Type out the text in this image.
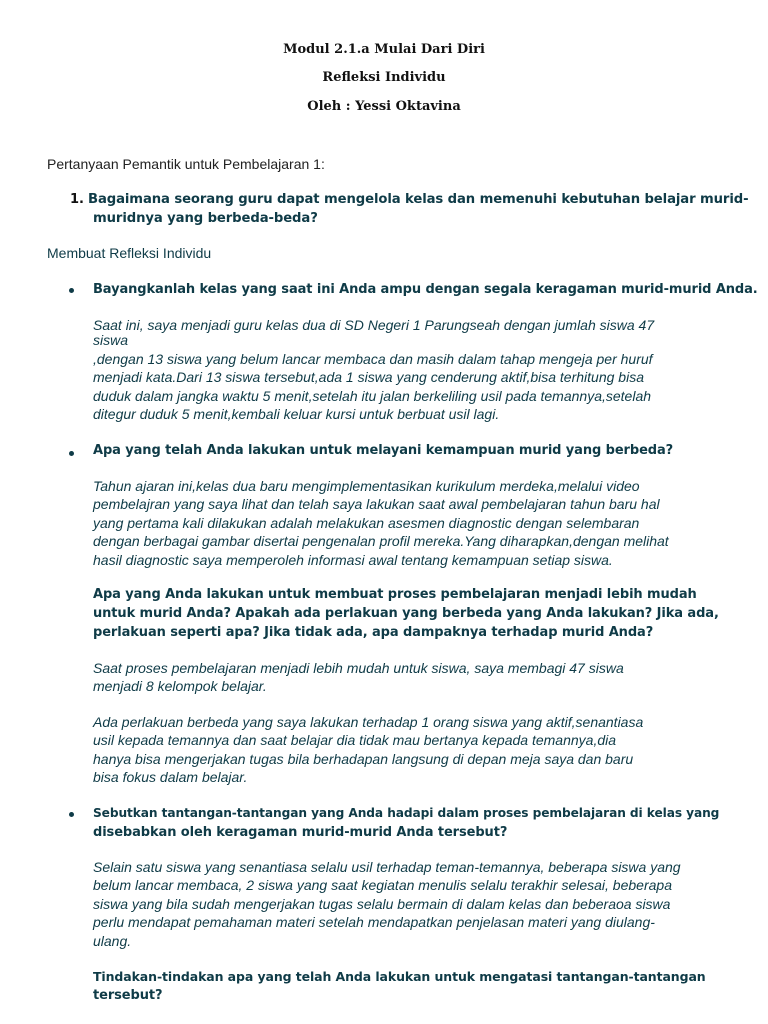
Modul 2.1.a Mulai Dari Diri
Refleksi Individu
Oleh : Yessi Oktavina
Pertanyaan Pemantik untuk Pembelajaran 1:
1. Bagaimana seorang guru dapat mengelola kelas dan memenuhi kebutuhan belajar murid-
muridnya yang berbeda-beda?
Membuat Refleksi Individu
Bayangkanlah kelas yang saat ini Anda ampu dengan segala keragaman murid-murid Anda.
Saat ini, saya menjadi guru kelas dua di SD Negeri 1 Parungseah dengan jumlah siswa 47
siswa
,dengan 13 siswa yang belum lancar membaca dan masih dalam tahap mengeja per huruf
menjadi kata.Dari 13 siswa tersebut,ada 1 siswa yang cenderung aktif,bisa terhitung bisa
duduk dalam jangka waktu 5 menit,setelah itu jalan berkeliling usil pada temannya,setelah
ditegur duduk 5 menit,kembali keluar kursi untuk berbuat usil lagi.
Apa yang telah Anda lakukan untuk melayani kemampuan murid yang berbeda?
Tahun ajaran ini,kelas dua baru mengimplementasikan kurikulum merdeka,melalui video
pembelajran yang saya lihat dan telah saya lakukan saat awal pembelajaran tahun baru hal
yang pertama kali dilakukan adalah melakukan asesmen diagnostic dengan selembaran
dengan berbagai gambar disertai pengenalan profil mereka.Yang diharapkan,dengan melihat
hasil diagnostic saya memperoleh informasi awal tentang kemampuan setiap siswa.
Apa yang Anda lakukan untuk membuat proses pembelajaran menjadi lebih mudah
untuk murid Anda? Apakah ada perlakuan yang berbeda yang Anda lakukan? Jika ada,
perlakuan seperti apa? Jika tidak ada, apa dampaknya terhadap murid Anda?
Saat proses pembelajaran menjadi lebih mudah untuk siswa, saya membagi 47 siswa
menjadi 8 kelompok belajar.
Ada perlakuan berbeda yang saya lakukan terhadap 1 orang siswa yang aktif,senantiasa
usil kepada temannya dan saat belajar dia tidak mau bertanya kepada temannya,dia
hanya bisa mengerjakan tugas bila berhadapan langsung di depan meja saya dan baru
bisa fokus dalam belajar.
Sebutkan tantangan-tantangan yang Anda hadapi dalam proses pembelajaran di kelas yang
disebabkan oleh keragaman murid-murid Anda tersebut?
Selain satu siswa yang senantiasa selalu usil terhadap teman-temannya, beberapa siswa yang
belum lancar membaca, 2 siswa yang saat kegiatan menulis selalu terakhir selesai, beberapa
siswa yang bila sudah mengerjakan tugas selalu bermain di dalam kelas dan beberaoa siswa
perlu mendapat pemahaman materi setelah mendapatkan penjelasan materi yang diulang-
ulang.
Tindakan-tindakan apa yang telah Anda lakukan untuk mengatasi tantangan-tantangan
tersebut?
